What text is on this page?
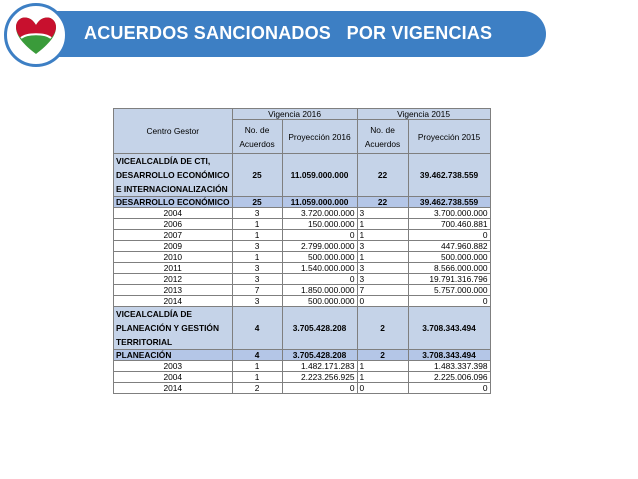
ACUERDOS SANCIONADOS   POR VIGENCIAS
Centro Gestor	Vigencia 2016		Vigencia 2015	
	No. de Acuerdos	Proyección 2016	No. de Acuerdos	Proyección 2015
VICEALCALDÍA DE CTI, DESARROLLO ECONÓMICO E INTERNACIONALIZACIÓN	25	11.059.000.000	22	39.462.738.559
DESARROLLO ECONÓMICO	25	11.059.000.000	22	39.462.738.559
2004	3	3.720.000.000	3	3.700.000.000
2006	1	150.000.000	1	700.460.881
2007	1	0	1	0
2009	3	2.799.000.000	3	447.960.882
2010	1	500.000.000	1	500.000.000
2011	3	1.540.000.000	3	8.566.000.000
2012	3	0	3	19.791.316.796
2013	7	1.850.000.000	7	5.757.000.000
2014	3	500.000.000	0	0
VICEALCALDÍA DE PLANEACIÓN Y GESTIÓN TERRITORIAL	4	3.705.428.208	2	3.708.343.494
PLANEACIÓN	4	3.705.428.208	2	3.708.343.494
2003	1	1.482.171.283	1	1.483.337.398
2004	1	2.223.256.925	1	2.225.006.096
2014	2	0	0	0
